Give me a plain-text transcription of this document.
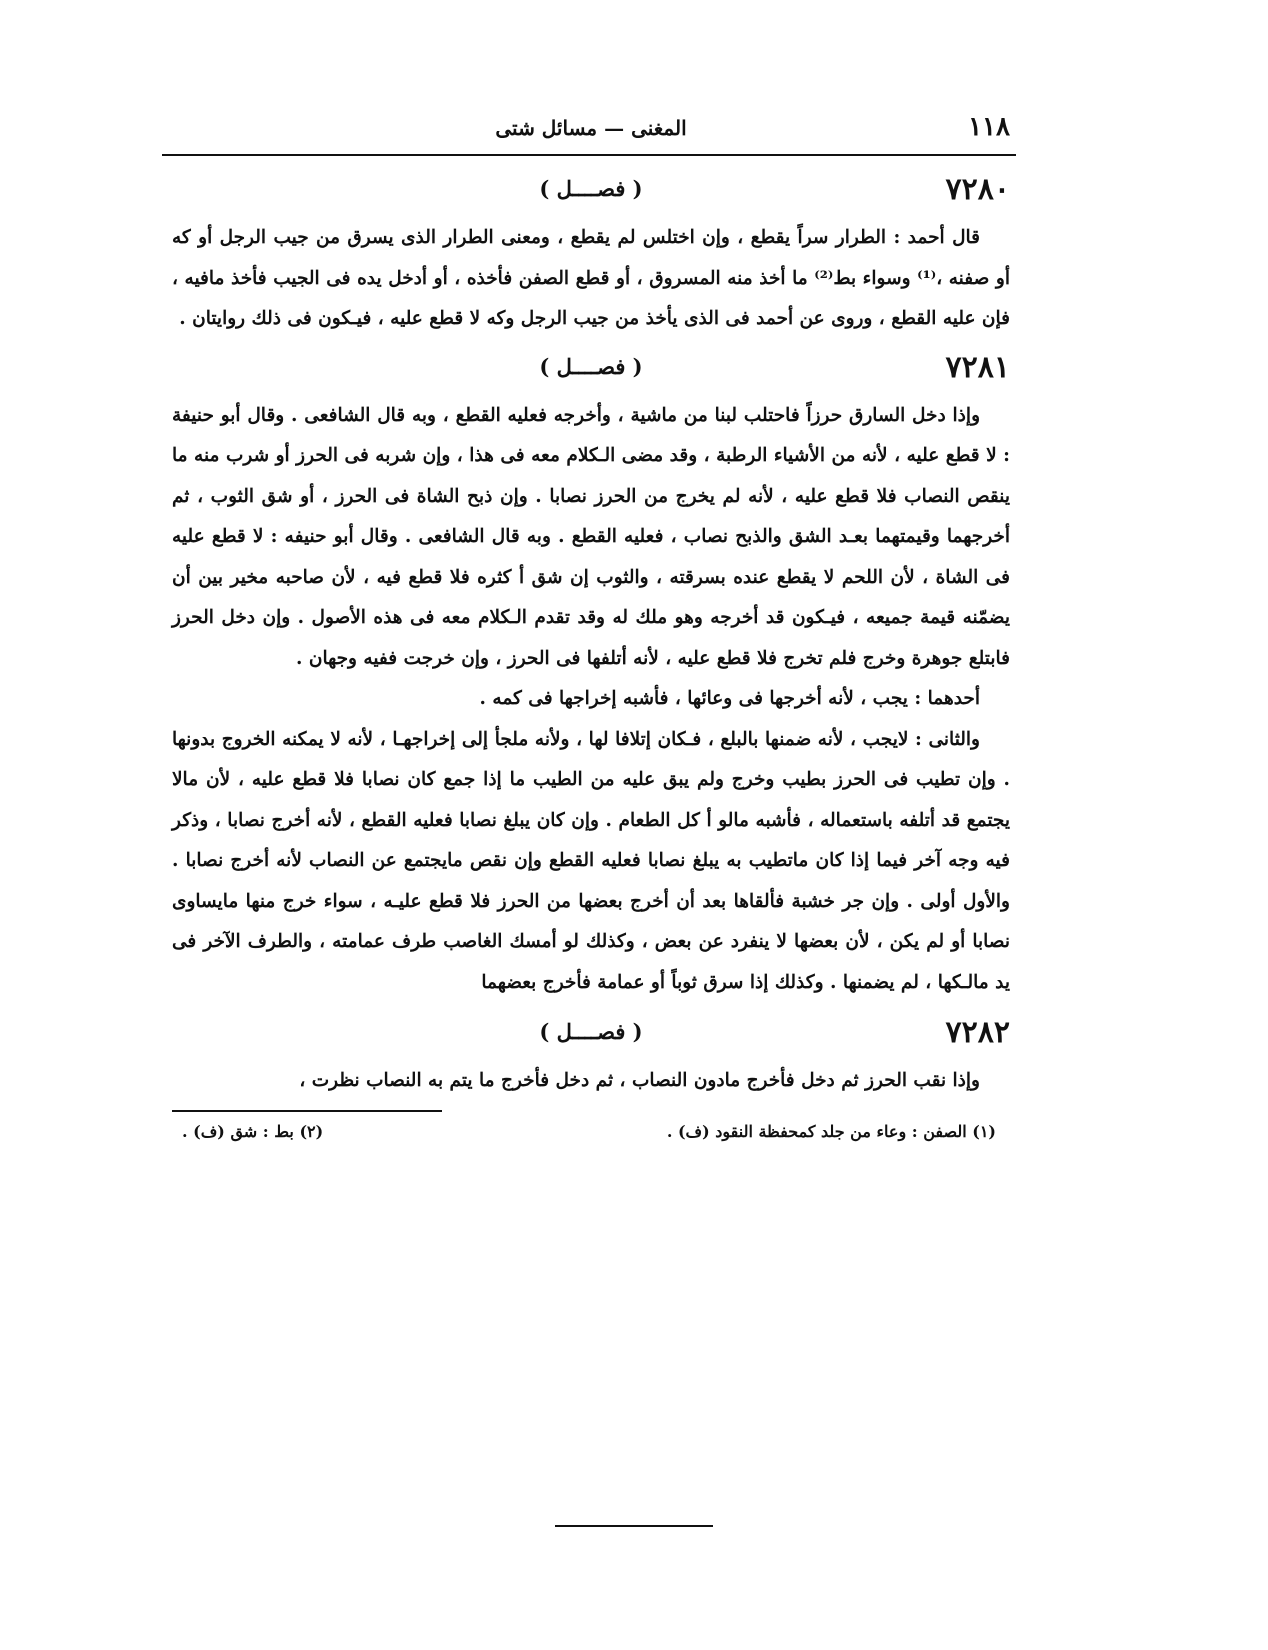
١١٨
المغنى — مسائل شتى
٧٢٨٠
( فصــــل )

قال أحمد : الطرار سراً يقطع ، وإن اختلس لم يقطع ، ومعنى الطرار الذى يسرق من جيب الرجل أو كه أو صفنه ،⁽¹⁾ وسواء بط⁽²⁾ ما أخذ منه المسروق ، أو قطع الصفن فأخذه ، أو أدخل يده فى الجيب فأخذ مافيه ، فإن عليه القطع ، وروى عن أحمد فى الذى يأخذ من جيب الرجل وكه لا قطع عليه ، فيـكون فى ذلك روايتان .

٧٢٨١
( فصــــل )

وإذا دخل السارق حرزاً فاحتلب لبنا من ماشية ، وأخرجه فعليه القطع ، وبه قال الشافعى . وقال أبو حنيفة : لا قطع عليه ، لأنه من الأشياء الرطبة ، وقد مضى الـكلام معه فى هذا ، وإن شربه فى الحرز أو شرب منه ما ينقص النصاب فلا قطع عليه ، لأنه لم يخرج من الحرز نصابا . وإن ذبح الشاة فى الحرز ، أو شق الثوب ، ثم أخرجهما وقيمتهما بعـد الشق والذبح نصاب ، فعليه القطع . وبه قال الشافعى . وقال أبو حنيفه : لا قطع عليه فى الشاة ، لأن اللحم لا يقطع عنده بسرقته ، والثوب إن شق أ كثره فلا قطع فيه ، لأن صاحبه مخير بين أن يضمّنه قيمة جميعه ، فيـكون قد أخرجه وهو ملك له وقد تقدم الـكلام معه فى هذه الأصول . وإن دخل الحرز فابتلع جوهرة وخرج فلم تخرج فلا قطع عليه ، لأنه أتلفها فى الحرز ، وإن خرجت ففيه وجهان .

أحدهما : يجب ، لأنه أخرجها فى وعائها ، فأشبه إخراجها فى كمه .

والثانى : لايجب ، لأنه ضمنها بالبلع ، فـكان إتلافا لها ، ولأنه ملجأ إلى إخراجهـا ، لأنه لا يمكنه الخروج بدونها . وإن تطيب فى الحرز بطيب وخرج ولم يبق عليه من الطيب ما إذا جمع كان نصابا فلا قطع عليه ، لأن مالا يجتمع قد أتلفه باستعماله ، فأشبه مالو أ كل الطعام . وإن كان يبلغ نصابا فعليه القطع ، لأنه أخرج نصابا ، وذكر فيه وجه آخر فيما إذا كان ماتطيب به يبلغ نصابا فعليه القطع وإن نقص مايجتمع عن النصاب لأنه أخرج نصابا . والأول أولى . وإن جر خشبة فألقاها بعد أن أخرج بعضها من الحرز فلا قطع عليـه ، سواء خرج منها مايساوى نصابا أو لم يكن ، لأن بعضها لا ينفرد عن بعض ، وكذلك لو أمسك الغاصب طرف عمامته ، والطرف الآخر فى يد مالـكها ، لم يضمنها . وكذلك إذا سرق ثوباً أو عمامة فأخرج بعضهما

٧٢٨٢
( فصــــل )

وإذا نقب الحرز ثم دخل فأخرج مادون النصاب ، ثم دخل فأخرج ما يتم به النصاب نظرت ،

(١) الصفن : وعاء من جلد كمحفظة النقود (ف) .
(٢) بط : شق (ف) .
